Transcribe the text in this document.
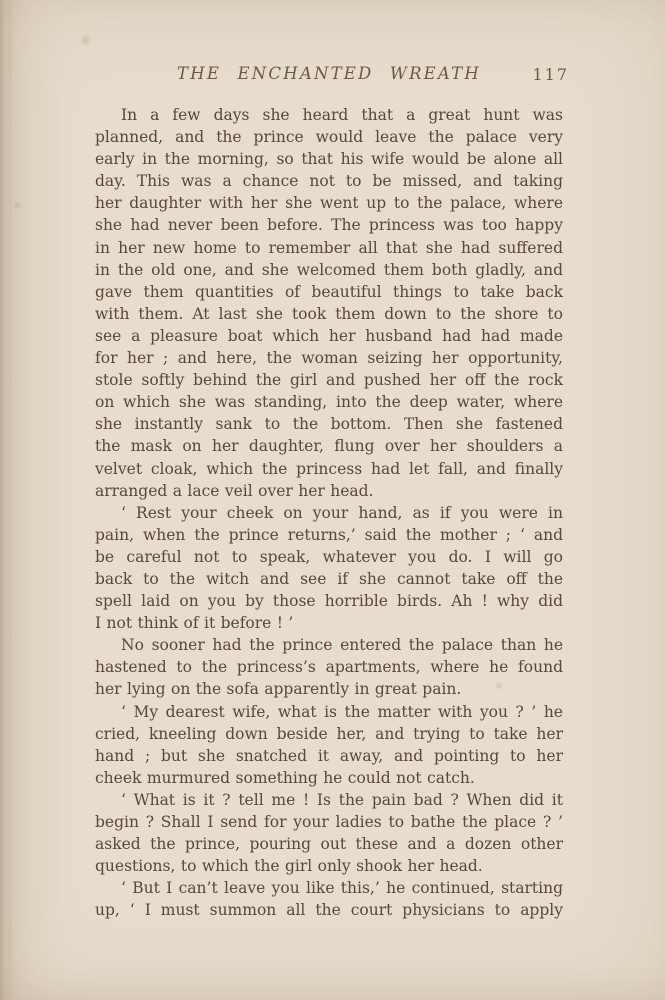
THE ENCHANTED WREATH	117
In a few days she heard that a great hunt was
planned, and the prince would leave the palace very
early in the morning, so that his wife would be alone all
day. This was a chance not to be missed, and taking
her daughter with her she went up to the palace, where
she had never been before. The princess was too happy
in her new home to remember all that she had suffered
in the old one, and she welcomed them both gladly, and
gave them quantities of beautiful things to take back
with them. At last she took them down to the shore to
see a pleasure boat which her husband had had made
for her ; and here, the woman seizing her opportunity,
stole softly behind the girl and pushed her off the rock
on which she was standing, into the deep water, where
she instantly sank to the bottom. Then she fastened
the mask on her daughter, flung over her shoulders a
velvet cloak, which the princess had let fall, and finally
arranged a lace veil over her head.
‘ Rest your cheek on your hand, as if you were in
pain, when the prince returns,’ said the mother ; ‘ and
be careful not to speak, whatever you do. I will go
back to the witch and see if she cannot take off the
spell laid on you by those horrible birds. Ah ! why did
I not think of it before ! ’
No sooner had the prince entered the palace than he
hastened to the princess’s apartments, where he found
her lying on the sofa apparently in great pain.
‘ My dearest wife, what is the matter with you ? ’ he
cried, kneeling down beside her, and trying to take her
hand ; but she snatched it away, and pointing to her
cheek murmured something he could not catch.
‘ What is it ? tell me ! Is the pain bad ? When did it
begin ? Shall I send for your ladies to bathe the place ? ’
asked the prince, pouring out these and a dozen other
questions, to which the girl only shook her head.
‘ But I can’t leave you like this,’ he continued, starting
up, ‘ I must summon all the court physicians to apply
